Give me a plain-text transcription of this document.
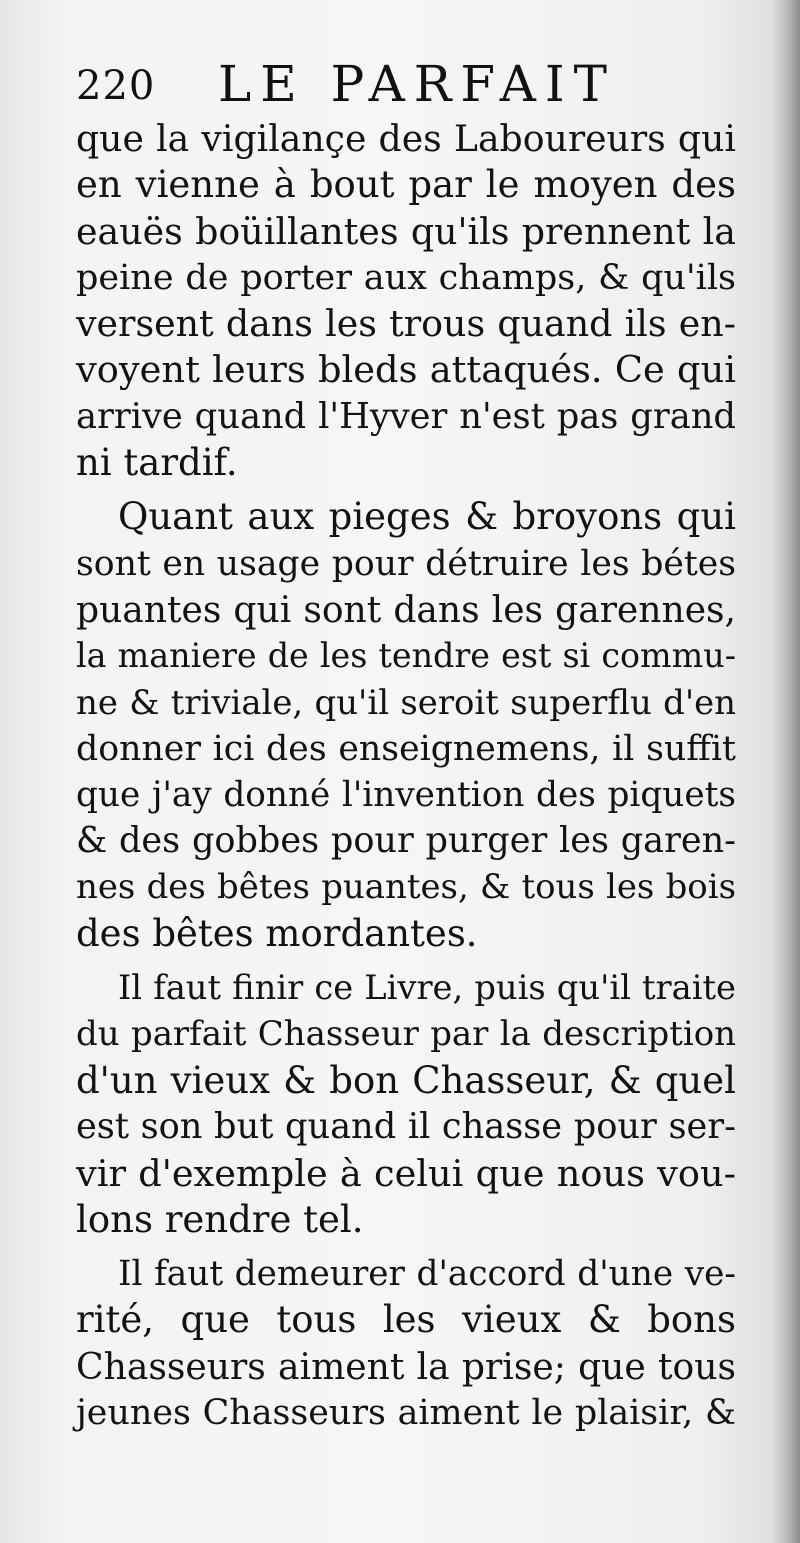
220 LE PARFAIT
que la vigilançe des Laboureurs qui
en vienne à bout par le moyen des
eauës boüillantes qu'ils prennent la
peine de porter aux champs, & qu'ils
versent dans les trous quand ils en-
voyent leurs bleds attaqués. Ce qui
arrive quand l'Hyver n'est pas grand
ni tardif.
Quant aux pieges & broyons qui
sont en usage pour détruire les bétes
puantes qui sont dans les garennes,
la maniere de les tendre est si commu-
ne & triviale, qu'il seroit superflu d'en
donner ici des enseignemens, il suffit
que j'ay donné l'invention des piquets
& des gobbes pour purger les garen-
nes des bêtes puantes, & tous les bois
des bêtes mordantes.
Il faut finir ce Livre, puis qu'il traite
du parfait Chasseur par la description
d'un vieux & bon Chasseur, & quel
est son but quand il chasse pour ser-
vir d'exemple à celui que nous vou-
lons rendre tel.
Il faut demeurer d'accord d'une ve-
rité, que tous les vieux & bons
Chasseurs aiment la prise; que tous
jeunes Chasseurs aiment le plaisir, &
